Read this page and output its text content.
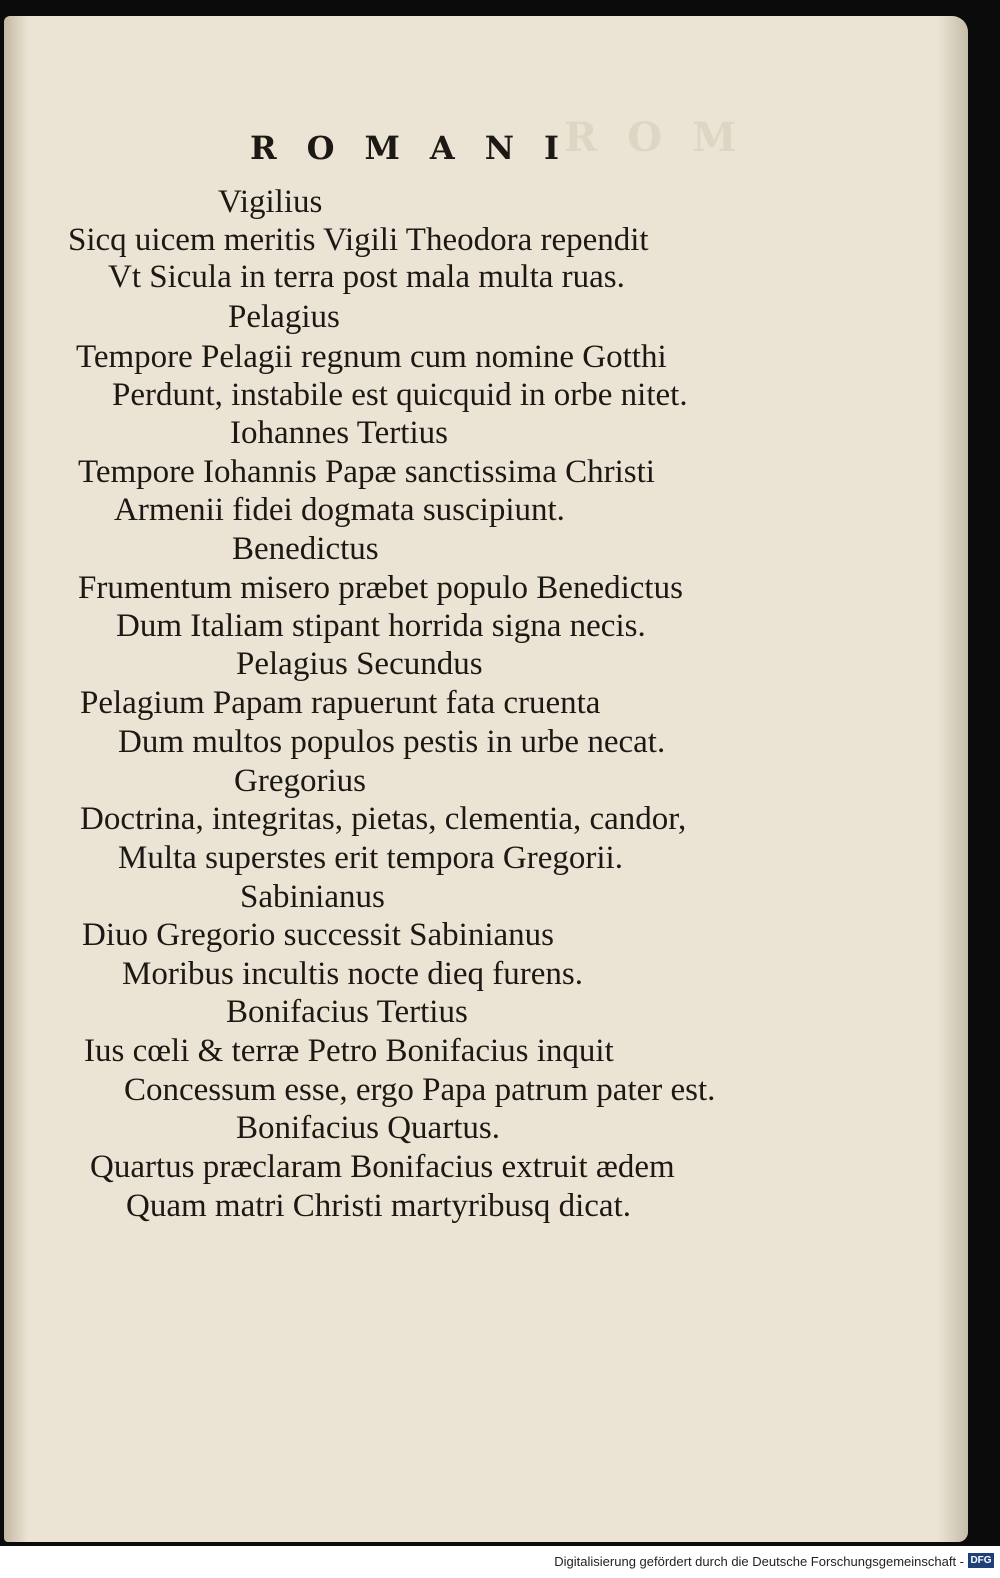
ROM
ROMANI
Vigilius
Sicq uicem meritis Vigili Theodora rependit
Vt Sicula in terra post mala multa ruas.
Pelagius
Tempore Pelagii regnum cum nomine Gotthi
Perdunt, instabile est quicquid in orbe nitet.
Iohannes Tertius
Tempore Iohannis Papæ sanctissima Christi
Armenii fidei dogmata suscipiunt.
Benedictus
Frumentum misero præbet populo Benedictus
Dum Italiam stipant horrida signa necis.
Pelagius Secundus
Pelagium Papam rapuerunt fata cruenta
Dum multos populos pestis in urbe necat.
Gregorius
Doctrina, integritas, pietas, clementia, candor,
Multa superstes erit tempora Gregorii.
Sabinianus
Diuo Gregorio successit Sabinianus
Moribus incultis nocte dieq furens.
Bonifacius Tertius
Ius cœli & terræ Petro Bonifacius inquit
Concessum esse, ergo Papa patrum pater est.
Bonifacius Quartus.
Quartus præclaram Bonifacius extruit ædem
Quam matri Christi martyribusq dicat.
Digitalisierung gefördert durch die Deutsche Forschungsgemeinschaft - DFG
